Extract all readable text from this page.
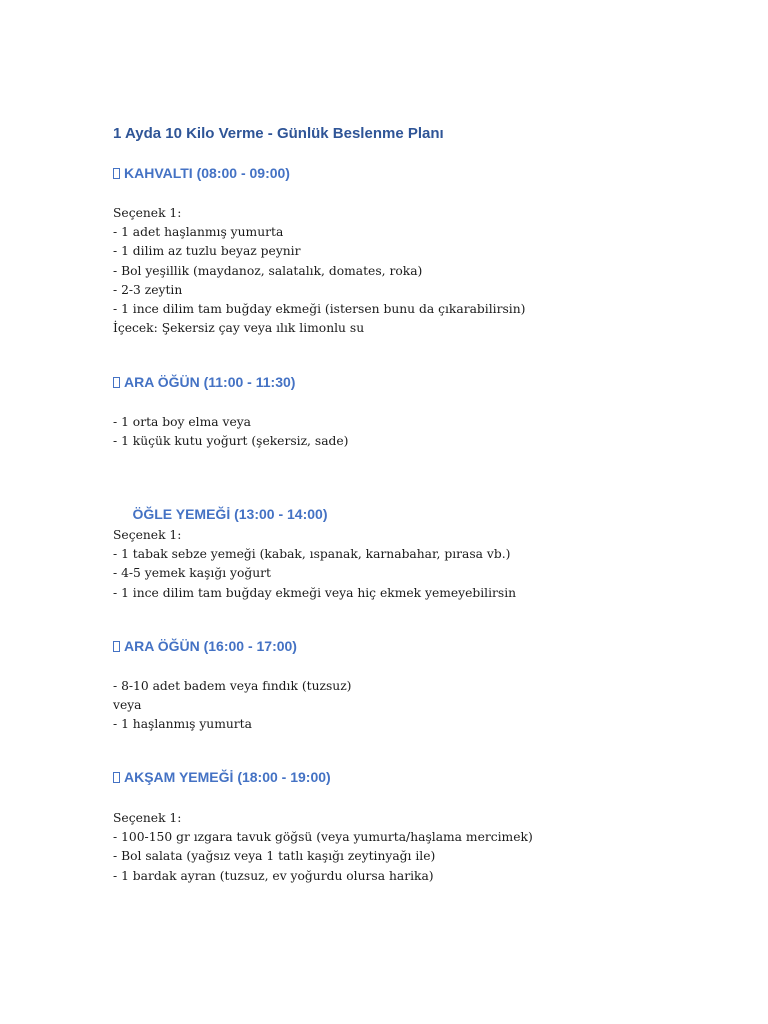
1 Ayda 10 Kilo Verme - Günlük Beslenme Planı
KAHVALTI (08:00 - 09:00)
Seçenek 1:
- 1 adet haşlanmış yumurta
- 1 dilim az tuzlu beyaz peynir
- Bol yeşillik (maydanoz, salatalık, domates, roka)
- 2-3 zeytin
- 1 ince dilim tam buğday ekmeği (istersen bunu da çıkarabilirsin)
İçecek: Şekersiz çay veya ılık limonlu su
ARA ÖĞÜN (11:00 - 11:30)
- 1 orta boy elma veya
- 1 küçük kutu yoğurt (şekersiz, sade)

ÖĞLE YEMEĞİ (13:00 - 14:00)

Seçenek 1:
- 1 tabak sebze yemeği (kabak, ıspanak, karnabahar, pırasa vb.)
- 4-5 yemek kaşığı yoğurt
- 1 ince dilim tam buğday ekmeği veya hiç ekmek yemeyebilirsin
ARA ÖĞÜN (16:00 - 17:00)
- 8-10 adet badem veya fındık (tuzsuz)
veya
- 1 haşlanmış yumurta
AKŞAM YEMEĞİ (18:00 - 19:00)
Seçenek 1:
- 100-150 gr ızgara tavuk göğsü (veya yumurta/haşlama mercimek)
- Bol salata (yağsız veya 1 tatlı kaşığı zeytinyağı ile)
- 1 bardak ayran (tuzsuz, ev yoğurdu olursa harika)
